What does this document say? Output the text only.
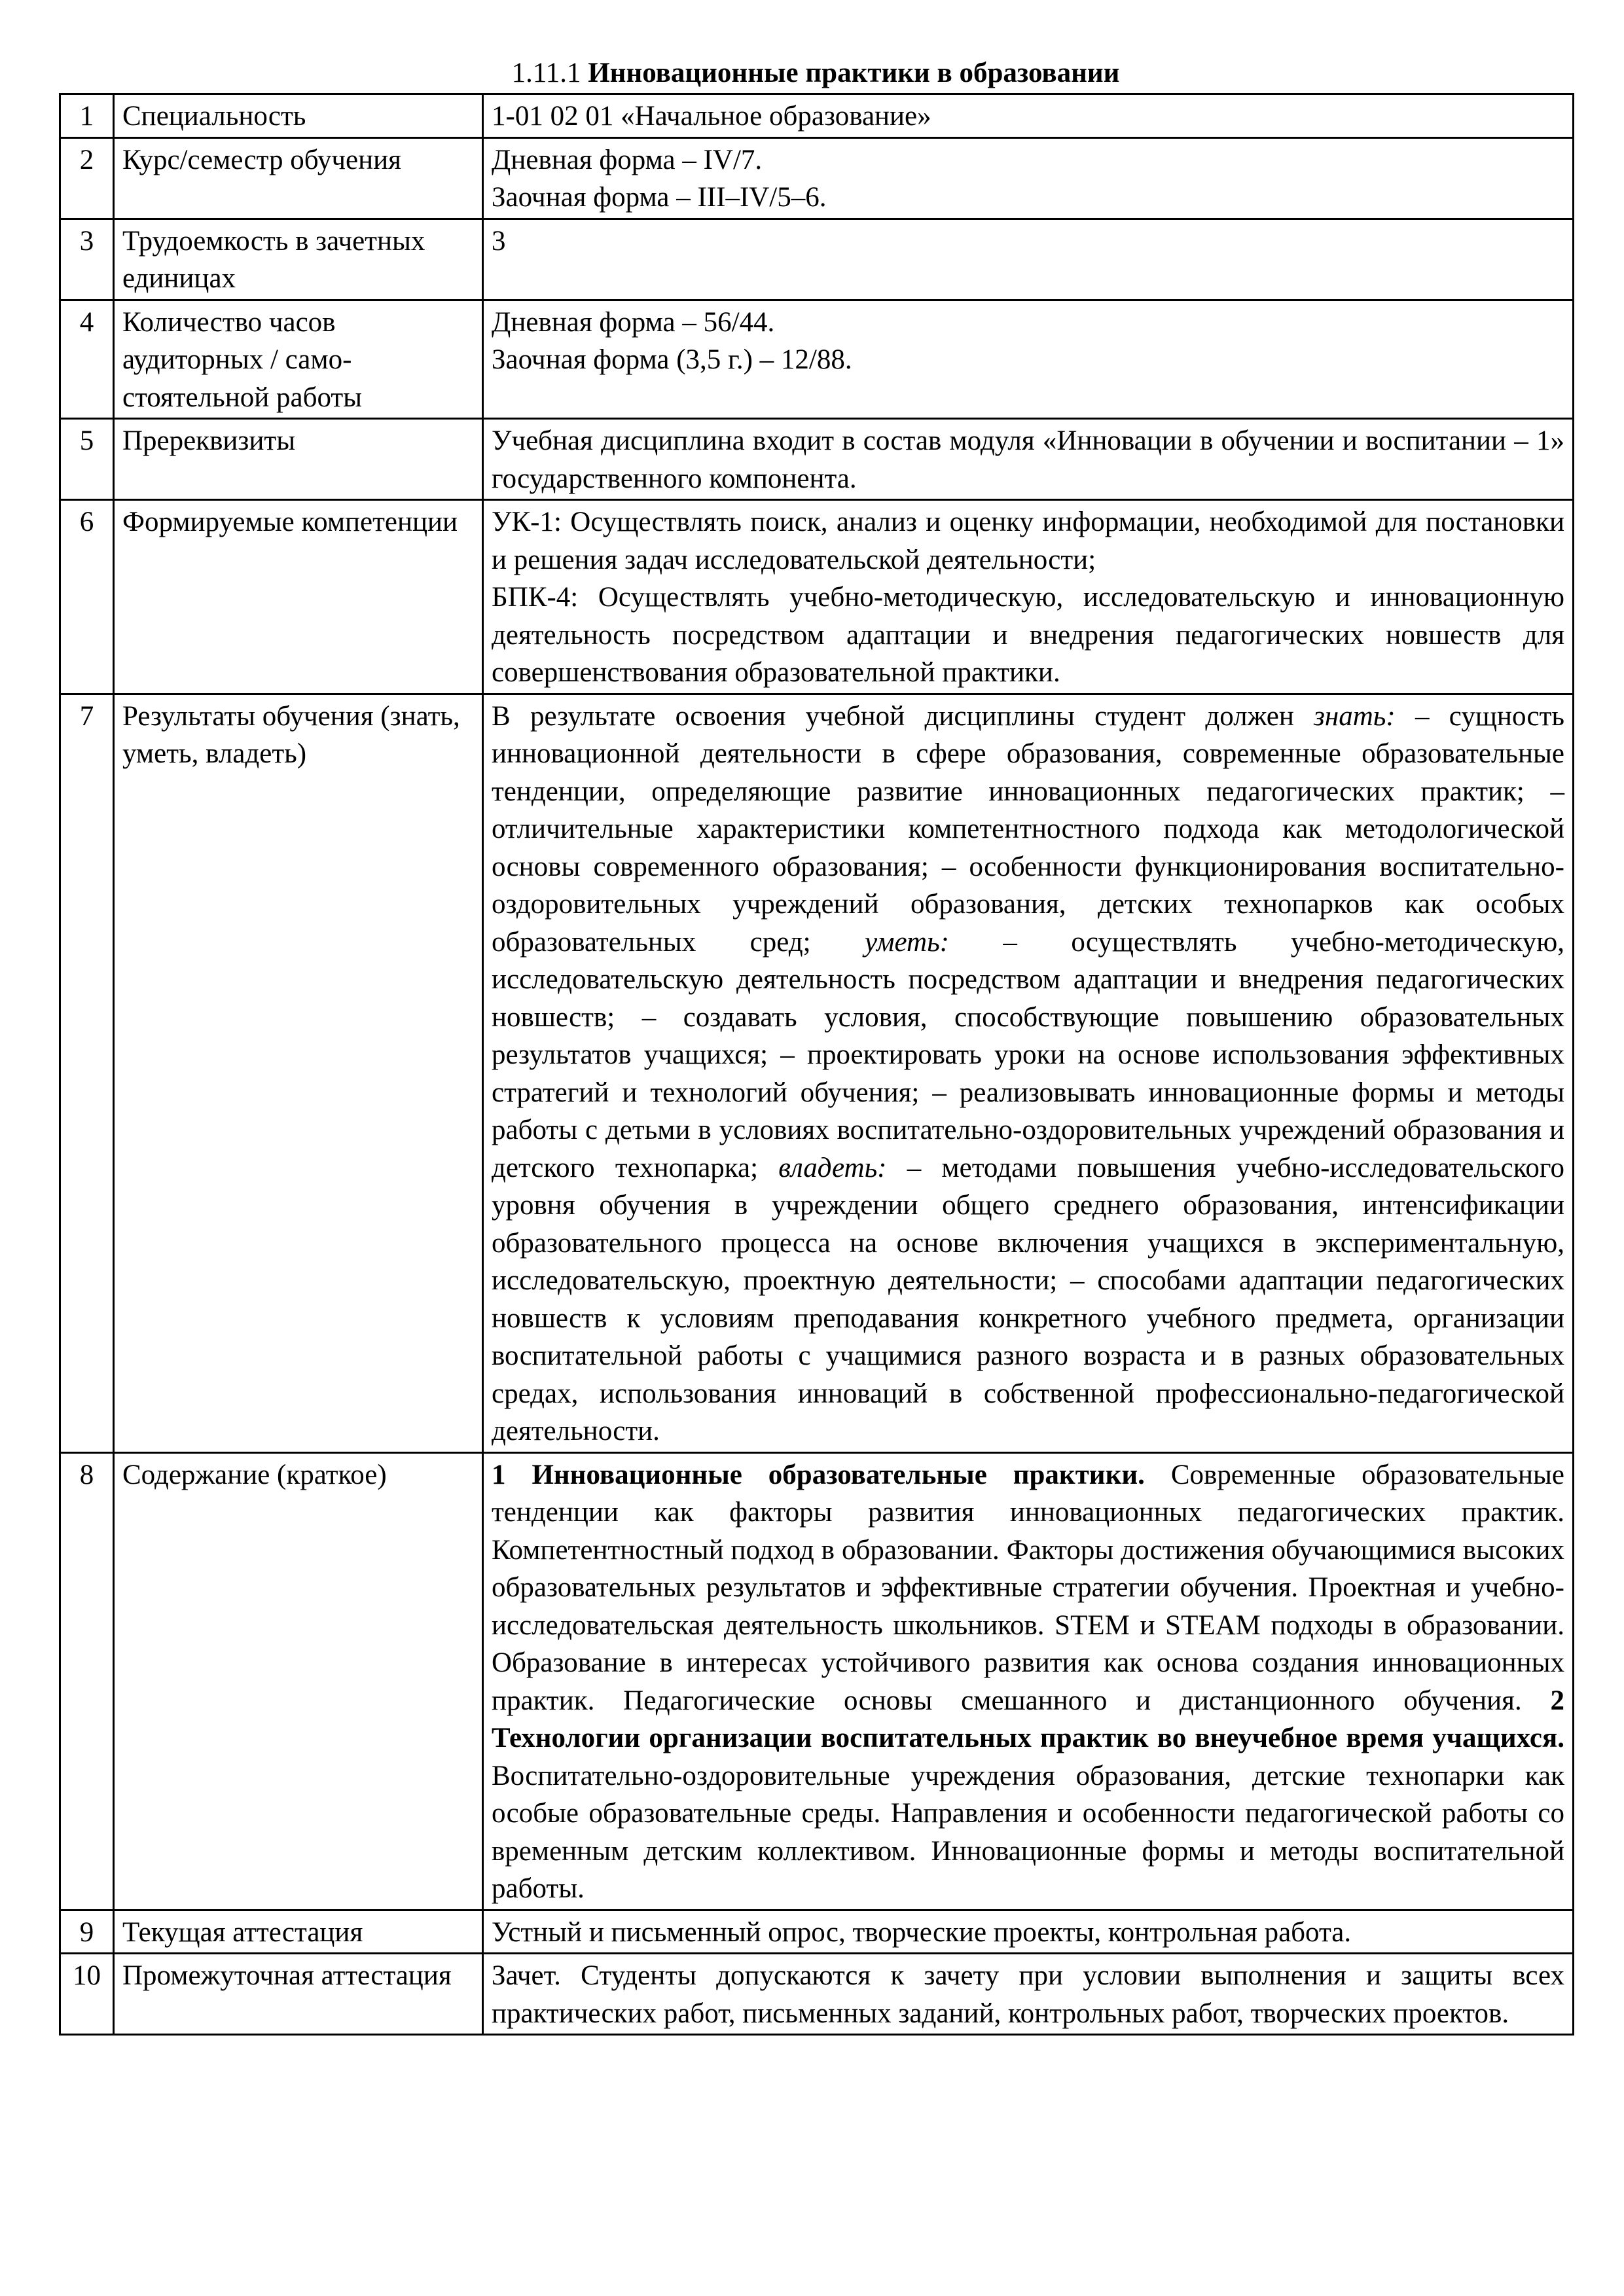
1.11.1 Инновационные практики в образовании
1	Специальность	1-01 02 01 «Начальное образование»

2	Курс/семестр обучения	Дневная форма – IV/7.
Заочная форма – III–IV/5–6.

3	Трудоемкость в зачетных единицах	3

4	Количество часов аудиторных / само-стоятельной работы	Дневная форма – 56/44.
Заочная форма (3,5 г.) – 12/88.

5	Пререквизиты	Учебная дисциплина входит в состав модуля «Инновации в обучении и воспитании – 1» государственного компонента.

6	Формируемые компетенции	УК-1: Осуществлять поиск, анализ и оценку информации, необходимой для постановки и решения задач исследовательской деятельности;
БПК-4: Осуществлять учебно-методическую, исследовательскую и инновационную деятельность посредством адаптации и внедрения педагогических новшеств для совершенствования образовательной практики.

7	Результаты обучения (знать, уметь, владеть)	В результате освоения учебной дисциплины студент должен знать: – сущность инновационной деятельности в сфере образования, современные образовательные тенденции, определяющие развитие инновационных педагогических практик; – отличительные характеристики компетентностного подхода как методологической основы современного образования; – особенности функционирования воспитательно-оздоровительных учреждений образования, детских технопарков как особых образовательных сред; уметь: – осуществлять учебно-методическую, исследовательскую деятельность посредством адаптации и внедрения педагогических новшеств; – создавать условия, способствующие повышению образовательных результатов учащихся; – проектировать уроки на основе использования эффективных стратегий и технологий обучения; – реализовывать инновационные формы и методы работы с детьми в условиях воспитательно-оздоровительных учреждений образования и детского технопарка; владеть: – методами повышения учебно-исследовательского уровня обучения в учреждении общего среднего образования, интенсификации образовательного процесса на основе включения учащихся в экспериментальную, исследовательскую, проектную деятельности; – способами адаптации педагогических новшеств к условиям преподавания конкретного учебного предмета, организации воспитательной работы с учащимися разного возраста и в разных образовательных средах, использования инноваций в собственной профессионально-педагогической деятельности.
8	Содержание (краткое)	1 Инновационные образовательные практики. Современные образовательные тенденции как факторы развития инновационных педагогических практик. Компетентностный подход в образовании. Факторы достижения обучающимися высоких образовательных результатов и эффективные стратегии обучения. Проектная и учебно-исследовательская деятельность школьников. STEM и STEAM подходы в образовании. Образование в интересах устойчивого развития как основа создания инновационных практик. Педагогические основы смешанного и дистанционного обучения. 2 Технологии организации воспитательных практик во внеучебное время учащихся. Воспитательно-оздоровительные учреждения образования, детские технопарки как особые образовательные среды. Направления и особенности педагогической работы со временным детским коллективом. Инновационные формы и методы воспитательной работы.
9	Текущая аттестация	Устный и письменный опрос, творческие проекты, контрольная работа.

10	Промежуточная аттестация	Зачет. Студенты допускаются к зачету при условии выполнения и защиты всех практических работ, письменных заданий, контрольных работ, творческих проектов.
